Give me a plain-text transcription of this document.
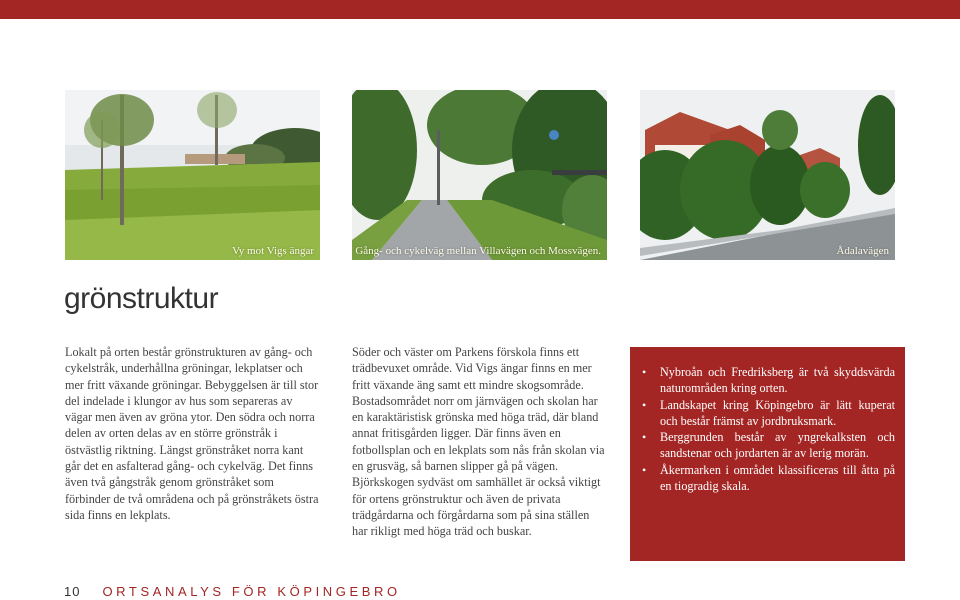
Vy mot Vigs ängar	Gång- och cykelväg mellan Villavägen och Mossvägen.	Ådalavägen
grönstruktur
Lokalt på orten består grönstrukturen av gång- och cykelstråk, underhållna gröningar, lekplatser och mer fritt växande gröningar. Bebyggelsen är till stor del indelade i klungor av hus som separeras av vägar men även av gröna ytor. Den södra och norra delen av orten delas av en större grönstråk i östvästlig riktning. Längst grönstråket norra kant går det en asfalterad gång- och cykelväg. Det finns även två gångstråk genom grönstråket som förbinder de två områdena och på grönstråkets östra sida finns en lekplats.
Söder och väster om Parkens förskola finns ett trädbevuxet område. Vid Vigs ängar finns en mer fritt växande äng samt ett mindre skogsområde. Bostadsområdet norr om järnvägen och skolan har en karaktäristisk grönska med höga träd, där bland annat fritisgården ligger. Där finns även en fotbollsplan och en lekplats som nås från skolan via en grusväg, så barnen slipper gå på vägen. Björkskogen sydväst om samhället är också viktigt för ortens grönstruktur och även de privata trädgårdarna och förgårdarna som på sina ställen har rikligt med höga träd och buskar.
• Nybroån och Fredriksberg är två skyddsvärda naturområden kring orten.
• Landskapet kring Köpingebro är lätt kuperat och består främst av jordbruksmark.
• Berggrunden består av yngrekalksten och sandstenar och jordarten är av lerig morän.
• Åkermarken i området klassificeras till åtta på en tiogradig skala.
10 ORTSANALYS FÖR KÖPINGEBRO
